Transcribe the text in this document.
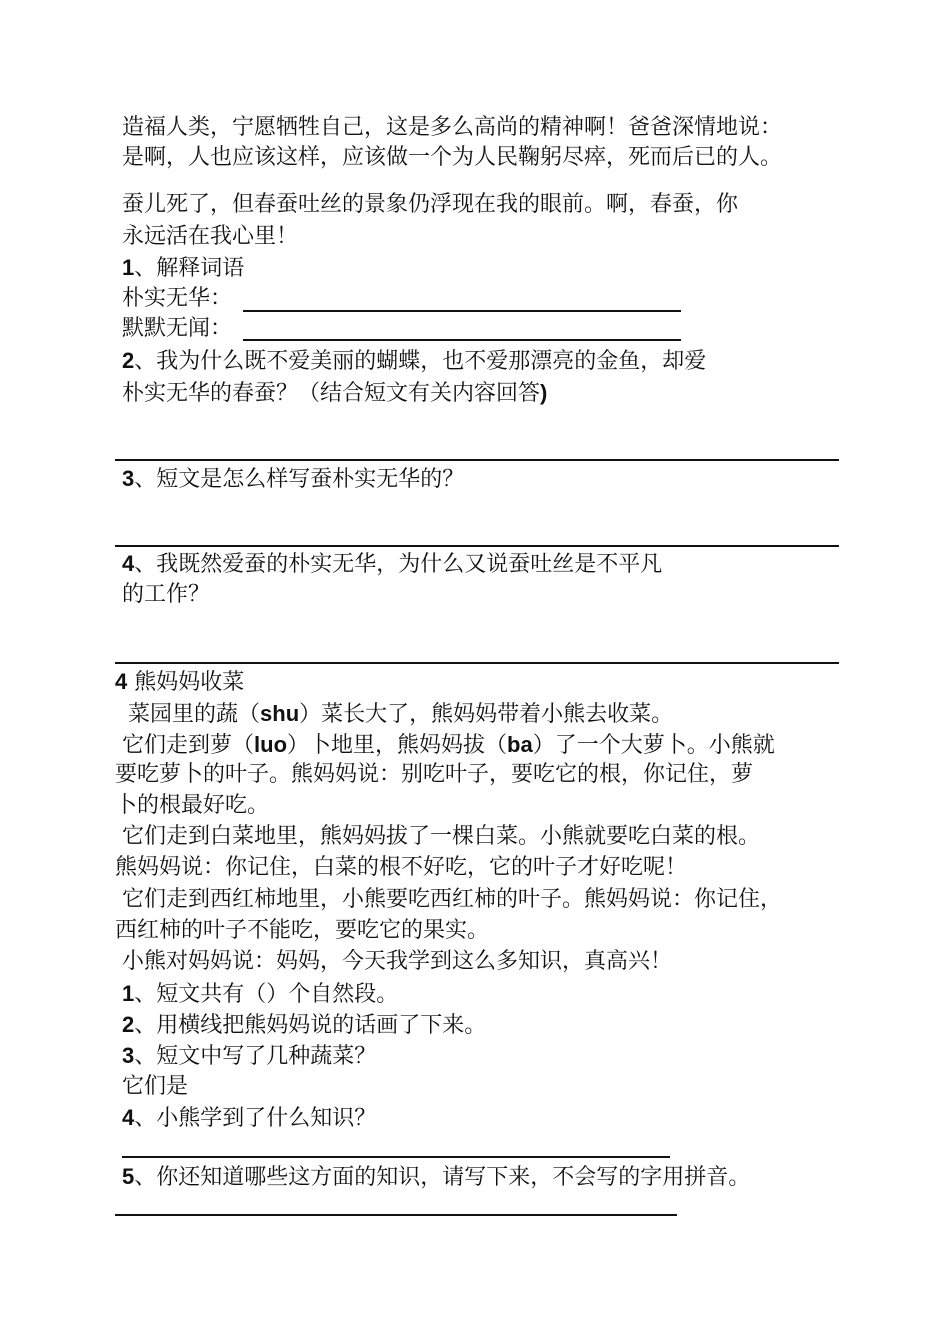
造福人类，宁愿牺牲自己，这是多么高尚的精神啊！爸爸深情地说：
是啊，人也应该这样，应该做一个为人民鞠躬尽瘁，死而后已的人。
蚕儿死了，但春蚕吐丝的景象仍浮现在我的眼前。啊，春蚕，你
永远活在我心里！
1、解释词语
朴实无华：
默默无闻：
2、我为什么既不爱美丽的蝴蝶，也不爱那漂亮的金鱼，却爱
朴实无华的春蚕？（结合短文有关内容回答)
3、短文是怎么样写蚕朴实无华的？
4、我既然爱蚕的朴实无华，为什么又说蚕吐丝是不平凡
的工作？
4 熊妈妈收菜
菜园里的蔬（shu）菜长大了，熊妈妈带着小熊去收菜。
它们走到萝（luo）卜地里，熊妈妈拔（ba）了一个大萝卜。小熊就
要吃萝卜的叶子。熊妈妈说：别吃叶子，要吃它的根，你记住，萝
卜的根最好吃。
它们走到白菜地里，熊妈妈拔了一棵白菜。小熊就要吃白菜的根。
熊妈妈说：你记住，白菜的根不好吃，它的叶子才好吃呢！
它们走到西红柿地里，小熊要吃西红柿的叶子。熊妈妈说：你记住，
西红柿的叶子不能吃，要吃它的果实。
小熊对妈妈说：妈妈，今天我学到这么多知识，真高兴！
1、短文共有（）个自然段。
2、用横线把熊妈妈说的话画了下来。
3、短文中写了几种蔬菜？
它们是
4、小熊学到了什么知识？
5、你还知道哪些这方面的知识，请写下来，不会写的字用拼音。
